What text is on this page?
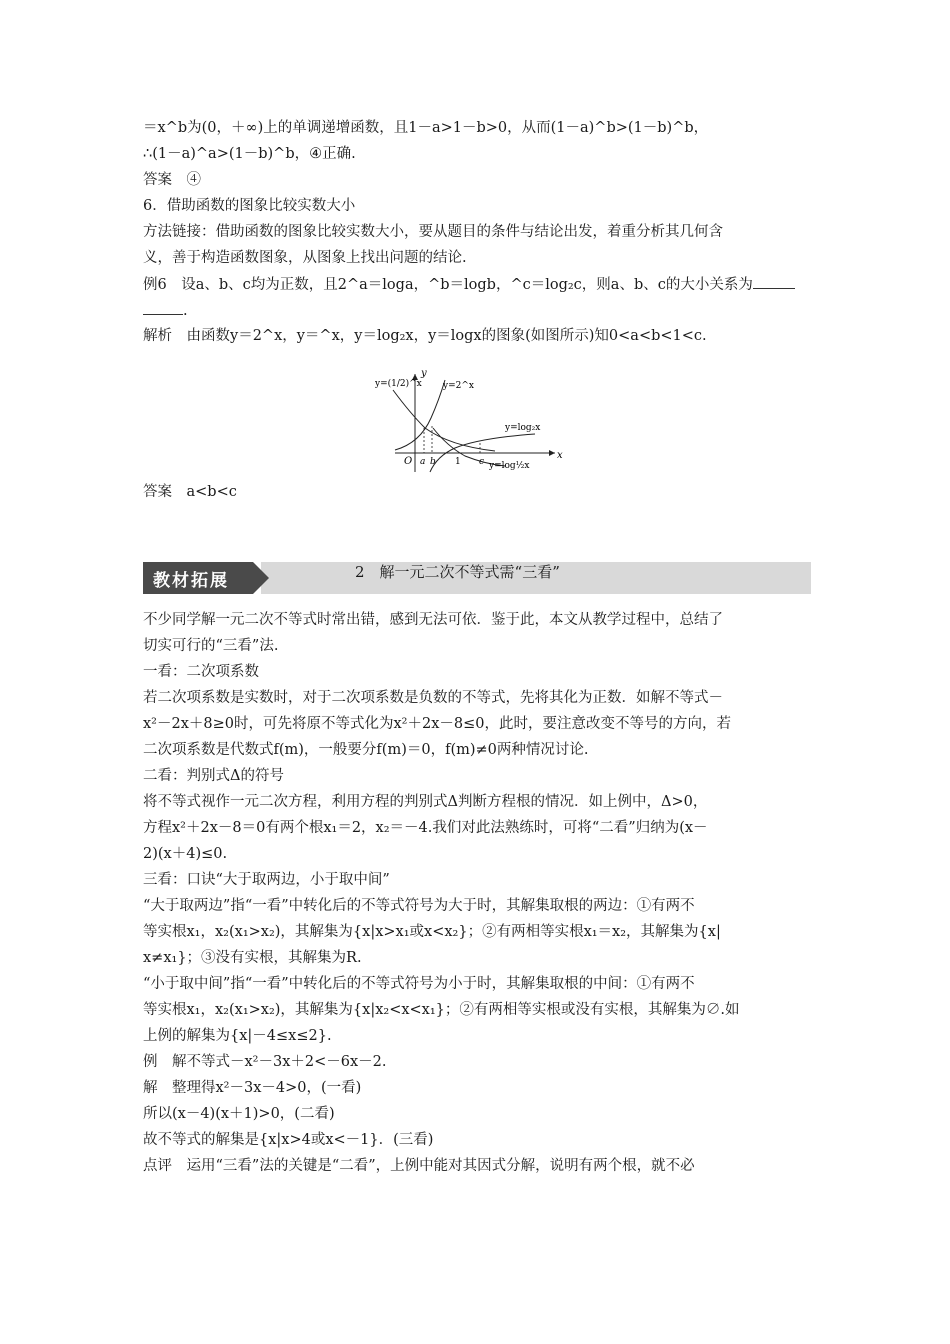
＝x^b为(0，＋∞)上的单调递增函数，且1－a>1－b>0，从而(1－a)^b>(1－b)^b，
∴(1－a)^a>(1－b)^b，④正确.
答案　④
6．借助函数的图象比较实数大小
方法链接：借助函数的图象比较实数大小，要从题目的条件与结论出发，着重分析其几何含
义，善于构造函数图象，从图象上找出问题的结论.
例6　设a、b、c均为正数，且2^a＝loga，^b＝logb，^c＝log₂c，则a、b、c的大小关系为
.
解析　由函数y＝2^x，y＝^x，y＝log₂x，y＝logx的图象(如图所示)知0<a<b<1<c.
y=(1/2)^x y=2^x
y=log₂x
y=log½x
y
x
O a b 1 c
答案　a<b<c
教材拓展	2　解一元二次不等式需“三看”
不少同学解一元二次不等式时常出错，感到无法可依．鉴于此，本文从教学过程中，总结了
切实可行的“三看”法.
一看：二次项系数
若二次项系数是实数时，对于二次项系数是负数的不等式，先将其化为正数．如解不等式－
x²－2x＋8≥0时，可先将原不等式化为x²＋2x－8≤0，此时，要注意改变不等号的方向，若
二次项系数是代数式f(m)，一般要分f(m)＝0，f(m)≠0两种情况讨论.
二看：判别式Δ的符号
将不等式视作一元二次方程，利用方程的判别式Δ判断方程根的情况．如上例中，Δ>0，
方程x²＋2x－8＝0有两个根x₁＝2，x₂＝－4.我们对此法熟练时，可将“二看”归纳为(x－
2)(x＋4)≤0.
三看：口诀“大于取两边，小于取中间”
“大于取两边”指“一看”中转化后的不等式符号为大于时，其解集取根的两边：①有两不
等实根x₁，x₂(x₁>x₂)，其解集为{x|x>x₁或x<x₂}；②有两相等实根x₁＝x₂，其解集为{x|
x≠x₁}；③没有实根，其解集为R.
“小于取中间”指“一看”中转化后的不等式符号为小于时，其解集取根的中间：①有两不
等实根x₁，x₂(x₁>x₂)，其解集为{x|x₂<x<x₁}；②有两相等实根或没有实根，其解集为∅.如
上例的解集为{x|－4≤x≤2}.
例　解不等式－x²－3x＋2<－6x－2.
解　整理得x²－3x－4>0，(一看)
所以(x－4)(x＋1)>0，(二看)
故不等式的解集是{x|x>4或x<－1}．(三看)
点评　运用“三看”法的关键是“二看”，上例中能对其因式分解，说明有两个根，就不必
